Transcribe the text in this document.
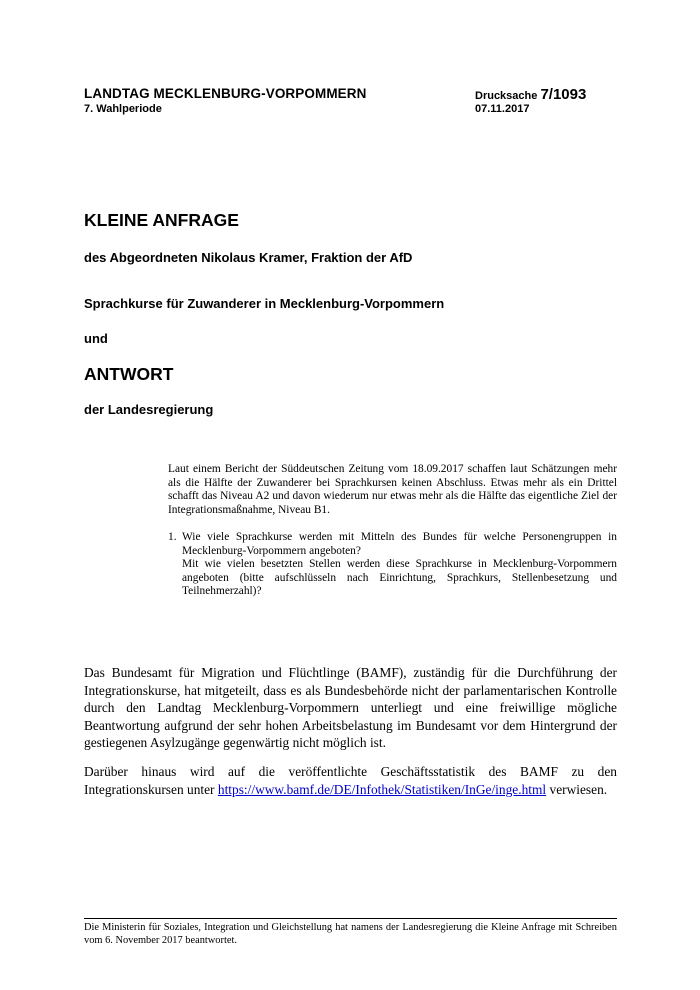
LANDTAG MECKLENBURG-VORPOMMERN
7. Wahlperiode
Drucksache 7/1093
07.11.2017
KLEINE ANFRAGE
des Abgeordneten Nikolaus Kramer, Fraktion der AfD
Sprachkurse für Zuwanderer in Mecklenburg-Vorpommern
und
ANTWORT
der Landesregierung

Laut einem Bericht der Süddeutschen Zeitung vom 18.09.2017 schaffen laut Schätzungen mehr als die Hälfte der Zuwanderer bei Sprachkursen keinen Abschluss. Etwas mehr als ein Drittel schafft das Niveau A2 und davon wiederum nur etwas mehr als die Hälfte das eigentliche Ziel der Integrationsmaßnahme, Niveau B1.

1. Wie viele Sprachkurse werden mit Mitteln des Bundes für welche Personengruppen in Mecklenburg-Vorpommern angeboten?
Mit wie vielen besetzten Stellen werden diese Sprachkurse in Mecklenburg-Vorpommern angeboten (bitte aufschlüsseln nach Einrichtung, Sprachkurs, Stellenbesetzung und Teilnehmerzahl)?

Das Bundesamt für Migration und Flüchtlinge (BAMF), zuständig für die Durchführung der Integrationskurse, hat mitgeteilt, dass es als Bundesbehörde nicht der parlamentarischen Kontrolle durch den Landtag Mecklenburg-Vorpommern unterliegt und eine freiwillige mögliche Beantwortung aufgrund der sehr hohen Arbeitsbelastung im Bundesamt vor dem Hintergrund der gestiegenen Asylzugänge gegenwärtig nicht möglich ist.

Darüber hinaus wird auf die veröffentlichte Geschäftsstatistik des BAMF zu den Integrationskursen unter https://www.bamf.de/DE/Infothek/Statistiken/InGe/inge.html verwiesen.

Die Ministerin für Soziales, Integration und Gleichstellung hat namens der Landesregierung die Kleine Anfrage mit Schreiben vom 6. November 2017 beantwortet.
